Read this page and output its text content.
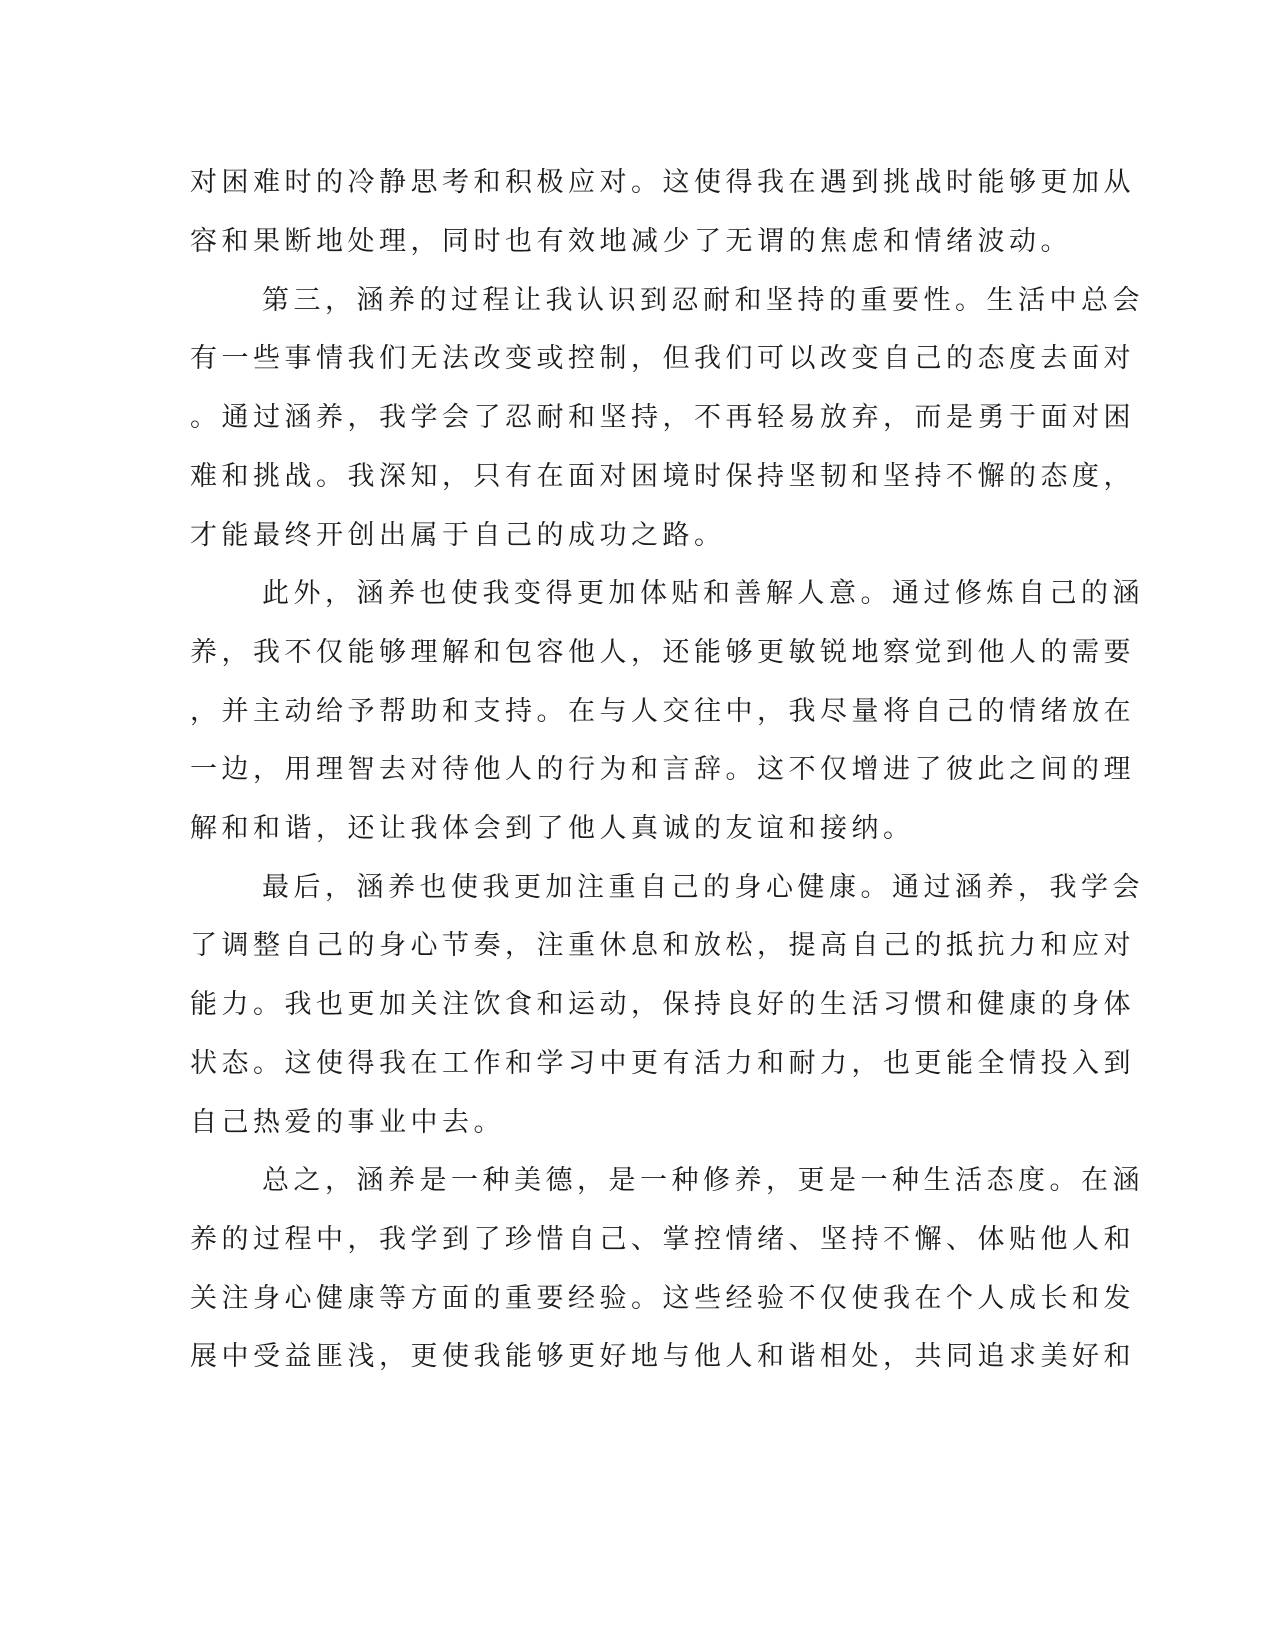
对困难时的冷静思考和积极应对。这使得我在遇到挑战时能够更加从
容和果断地处理，同时也有效地减少了无谓的焦虑和情绪波动。
第三，涵养的过程让我认识到忍耐和坚持的重要性。生活中总会
有一些事情我们无法改变或控制，但我们可以改变自己的态度去面对
。通过涵养，我学会了忍耐和坚持，不再轻易放弃，而是勇于面对困
难和挑战。我深知，只有在面对困境时保持坚韧和坚持不懈的态度，
才能最终开创出属于自己的成功之路。
此外，涵养也使我变得更加体贴和善解人意。通过修炼自己的涵
养，我不仅能够理解和包容他人，还能够更敏锐地察觉到他人的需要
，并主动给予帮助和支持。在与人交往中，我尽量将自己的情绪放在
一边，用理智去对待他人的行为和言辞。这不仅增进了彼此之间的理
解和和谐，还让我体会到了他人真诚的友谊和接纳。
最后，涵养也使我更加注重自己的身心健康。通过涵养，我学会
了调整自己的身心节奏，注重休息和放松，提高自己的抵抗力和应对
能力。我也更加关注饮食和运动，保持良好的生活习惯和健康的身体
状态。这使得我在工作和学习中更有活力和耐力，也更能全情投入到
自己热爱的事业中去。
总之，涵养是一种美德，是一种修养，更是一种生活态度。在涵
养的过程中，我学到了珍惜自己、掌控情绪、坚持不懈、体贴他人和
关注身心健康等方面的重要经验。这些经验不仅使我在个人成长和发
展中受益匪浅，更使我能够更好地与他人和谐相处，共同追求美好和
